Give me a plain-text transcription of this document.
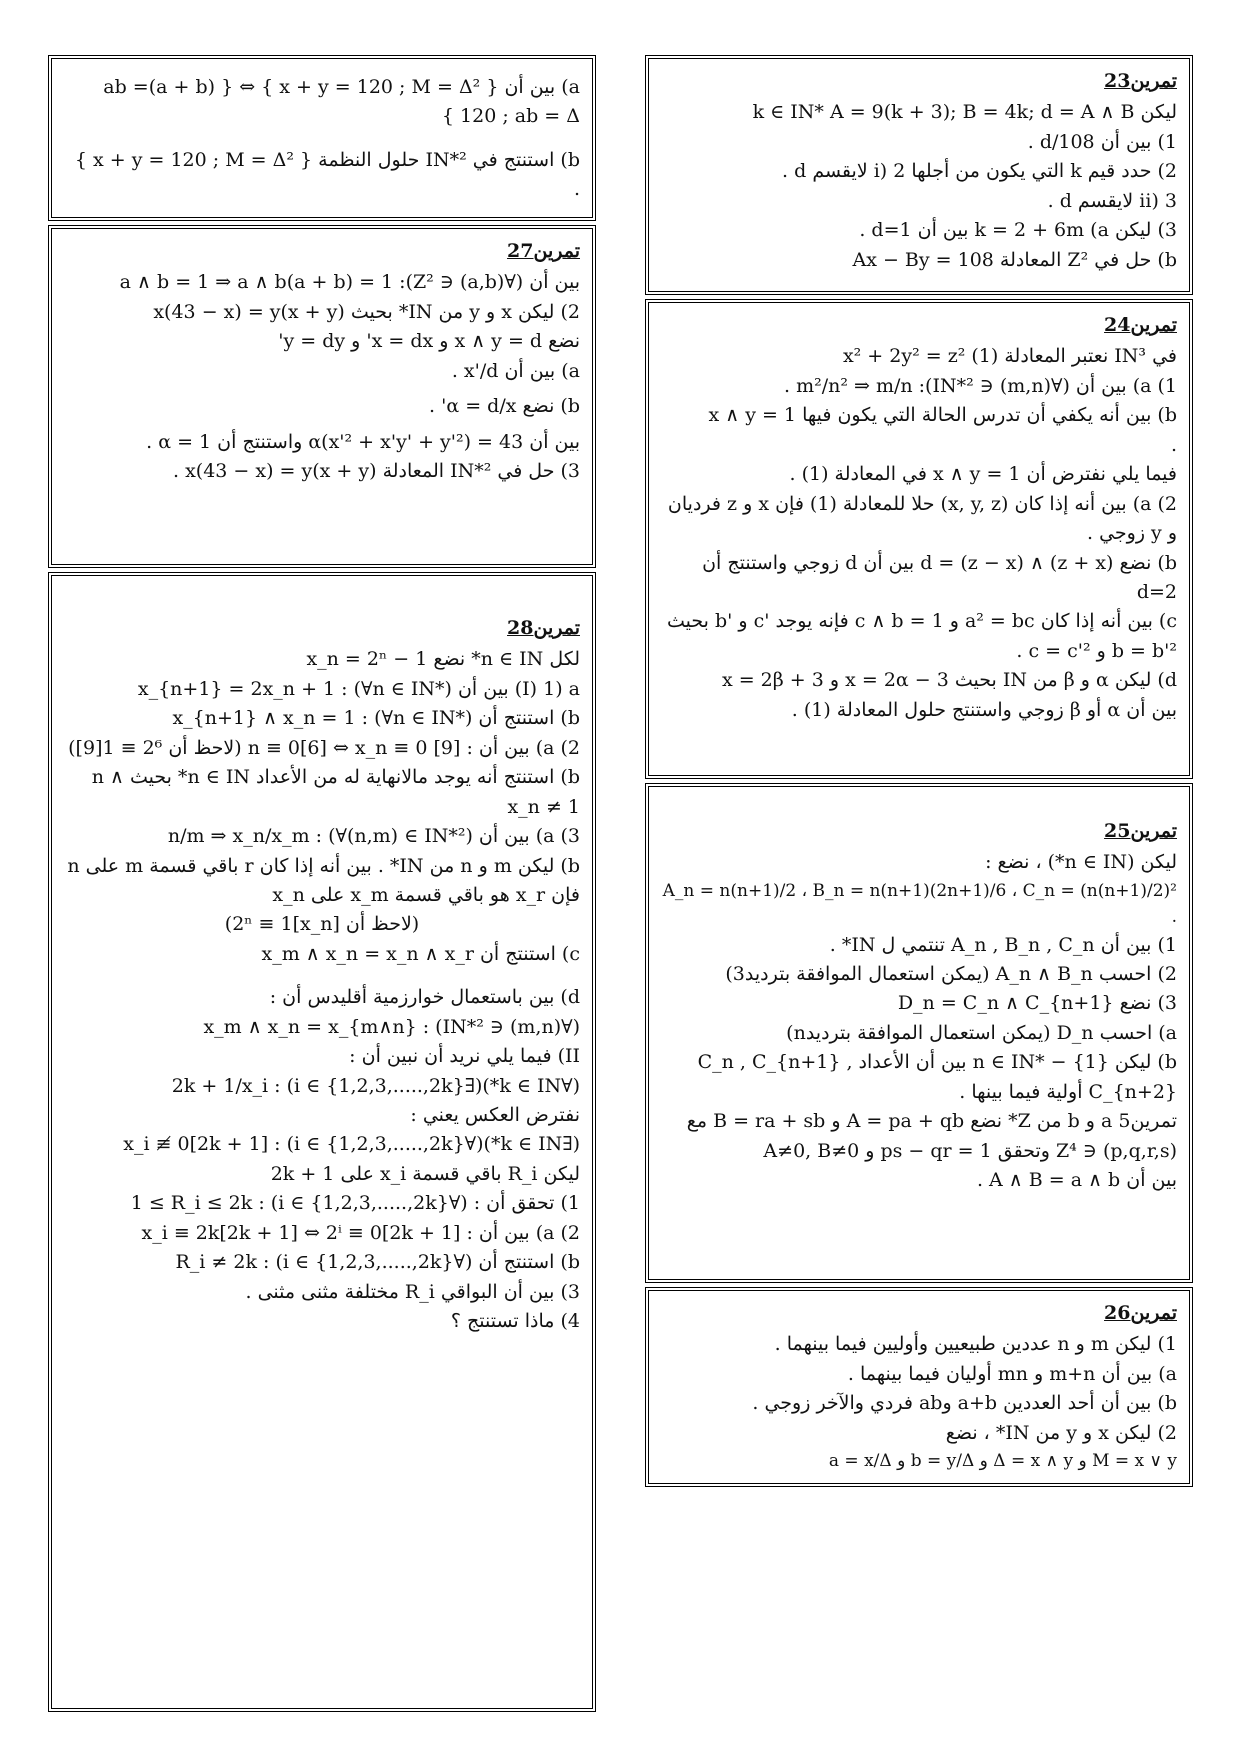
تمرين23
ليكن k ∈ IN* A = 9(k + 3); B = 4k; d = A ∧ B
1) بين أن d/108 .
2) حدد قيم k التي يكون من أجلها i) 2 لايقسم d .
ii) 3 لايقسم d .
3) ليكن k = 2 + 6m (a بين أن d=1 .
b) حل في Z² المعادلة Ax − By = 108
تمرين24
في IN³ نعتبر المعادلة (1) x² + 2y² = z²
1) a) بين أن (∀(m,n) ∈ IN*²): m²/n² ⇒ m/n .
b) بين أنه يكفي أن تدرس الحالة التي يكون فيها x ∧ y = 1
.
فيما يلي نفترض أن x ∧ y = 1 في المعادلة (1) .
2) a) بين أنه إذا كان (x, y, z) حلا للمعادلة (1) فإن x و z فرديان
و y زوجي .
b) نضع d = (z − x) ∧ (z + x) بين أن d زوجي واستنتج أن d=2
c) بين أنه إذا كان a² = bc و c ∧ b = 1 فإنه يوجد 'c و 'b بحيث b = b'² و c = c'² .
d) ليكن α و β من IN بحيث 3 − x = 2α و 3 + x = 2β
بين أن α أو β زوجي واستنتج حلول المعادلة (1) .
تمرين25
ليكن (n ∈ IN*) ، نضع :
A_n = n(n+1)/2 ، B_n = n(n+1)(2n+1)/6 ، C_n = (n(n+1)/2)² .
1) بين أن A_n , B_n , C_n تنتمي ل IN* .
2) احسب A_n ∧ B_n (يمكن استعمال الموافقة بترديد3)
3) نضع D_n = C_n ∧ C_{n+1}
a) احسب D_n (يمكن استعمال الموافقة بترديدn)
b) ليكن n ∈ IN* − {1} بين أن الأعداد C_n , C_{n+1} , C_{n+2} أولية فيما بينها .
تمرين5 a و b من Z* نضع A = pa + qb و B = ra + sb مع
(p,q,r,s) ∈ Z⁴ وتحقق ps − qr = 1 و A≠0, B≠0
بين أن A ∧ B = a ∧ b .
تمرين26
1) ليكن m و n عددين طبيعيين وأوليين فيما بينهما .
a) بين أن m+n و mn أوليان فيما بينهما .
b) بين أن أحد العددين a+b وab فردي والآخر زوجي .
2) ليكن x و y من IN* ، نضع
M = x ∨ y و Δ = x ∧ y و b = y/Δ و a = x/Δ
a) بين أن { x + y = 120 ; M = Δ² } ⇔ { (a + b)ab = 120 ; ab = Δ }
b) استنتج في IN*² حلول النظمة { x + y = 120 ; M = Δ² } .
تمرين27
بين أن (∀(a,b) ∈ Z²): a ∧ b = 1 ⇒ a ∧ b(a + b) = 1
2) ليكن x و y من IN* بحيث x(43 − x) = y(x + y)
نضع x ∧ y = d و x = dx' و y = dy'
a) بين أن x'/d .
b) نضع α = d/x' .
بين أن α(x'² + x'y' + y'²) = 43 واستنتج أن α = 1 .
3) حل في IN*² المعادلة x(43 − x) = y(x + y) .
تمرين28
لكل n ∈ IN* نضع x_n = 2ⁿ − 1
I) 1) a) بين أن x_{n+1} = 2x_n + 1 : (∀n ∈ IN*)
b) استنتج أن x_{n+1} ∧ x_n = 1 : (∀n ∈ IN*)
2) a) بين أن : [9] n ≡ 0[6] ⇔ x_n ≡ 0 (لاحظ أن 2⁶ ≡ 1[9])
b) استنتج أنه يوجد مالانهاية له من الأعداد n ∈ IN* بحيث n ∧ x_n ≠ 1
3) a) بين أن n/m ⇒ x_n/x_m : (∀(n,m) ∈ IN*²)
b) ليكن m و n من IN* . بين أنه إذا كان r باقي قسمة m على n فإن x_r هو باقي قسمة x_m على x_n
(لاحظ أن 2ⁿ ≡ 1[x_n])
c) استنتج أن x_m ∧ x_n = x_n ∧ x_r
d) بين باستعمال خوارزمية أقليدس أن :
(∀(m,n) ∈ IN*²) : x_m ∧ x_n = x_{m∧n}
II) فيما يلي نريد أن نبين أن :
(∀k ∈ IN*)(∃i ∈ {1,2,3,.....,2k}) : 2k + 1/x_i
نفترض العكس يعني :
(∃k ∈ IN*)(∀i ∈ {1,2,3,.....,2k}) : x_i ≢ 0[2k + 1]
ليكن R_i باقي قسمة x_i على 2k + 1
1) تحقق أن : (∀i ∈ {1,2,3,.....,2k}) : 1 ≤ R_i ≤ 2k
2) a) بين أن : x_i ≡ 2k[2k + 1] ⇔ 2ⁱ ≡ 0[2k + 1]
b) استنتج أن (∀i ∈ {1,2,3,.....,2k}) : R_i ≠ 2k
3) بين أن البواقي R_i مختلفة مثنى مثنى .
4) ماذا تستنتج ؟
